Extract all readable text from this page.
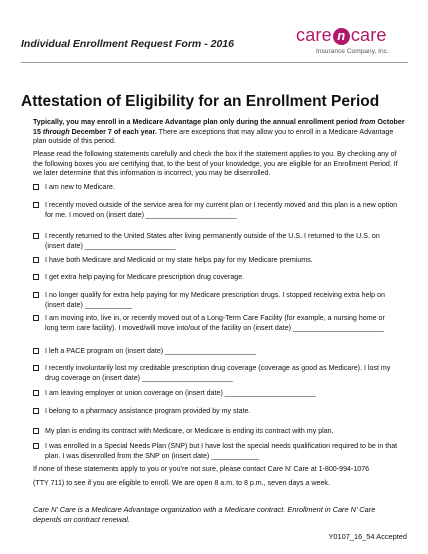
Individual Enrollment Request Form - 2016	care n care
Insurance Company, Inc.
Attestation of Eligibility for an Enrollment Period
Typically, you may enroll in a Medicare Advantage plan only during the annual enrollment period from October 15 through December 7 of each year. There are exceptions that may allow you to enroll in a Medicare Advantage plan outside of this period.
Please read the following statements carefully and check the box if the statement applies to you. By checking any of the following boxes you are certifying that, to the best of your knowledge, you are eligible for an Enrollment Period. If we later determine that this information is incorrect, you may be disenrolled.
I am new to Medicare.
I recently moved outside of the service area for my current plan or I recently moved and this plan is a new option for me. I moved on (insert date) _______________________
I recently returned to the United States after living permanently outside of the U.S. I returned to the U.S. on (insert date) _______________________
I have both Medicare and Medicaid or my state helps pay for my Medicare premiums.
I get extra help paying for Medicare prescription drug coverage.
I no longer qualify for extra help paying for my Medicare prescription drugs. I stopped receiving extra help on (insert date) ____________
I am moving into, live in, or recently moved out of a Long-Term Care Facility (for example, a nursing home or long term care facility). I moved/will move into/out of the facility on (insert date) _______________________
I left a PACE program on (insert date) _______________________
I recently involuntarily lost my creditable prescription drug coverage (coverage as good as Medicare). I lost my drug coverage on (insert date) _______________________
I am leaving employer or union coverage on (insert date) _______________________
I belong to a pharmacy assistance program provided by my state.
My plan is ending its contract with Medicare, or Medicare is ending its contract with my plan.
I was enrolled in a Special Needs Plan (SNP) but I have lost the special needs qualification required to be in that plan. I was disenrolled from the SNP on (insert date) ____________
If none of these statements apply to you or you’re not sure, please contact Care N’ Care at 1-800-994-1076
(TTY 711) to see if you are eligible to enroll. We are open 8 a.m. to 8 p.m., seven days a week.
Care N’ Care is a Medicare Advantage organization with a Medicare contract. Enrollment in Care N’ Care depends on contract renewal.
Y0107_16_54 Accepted
